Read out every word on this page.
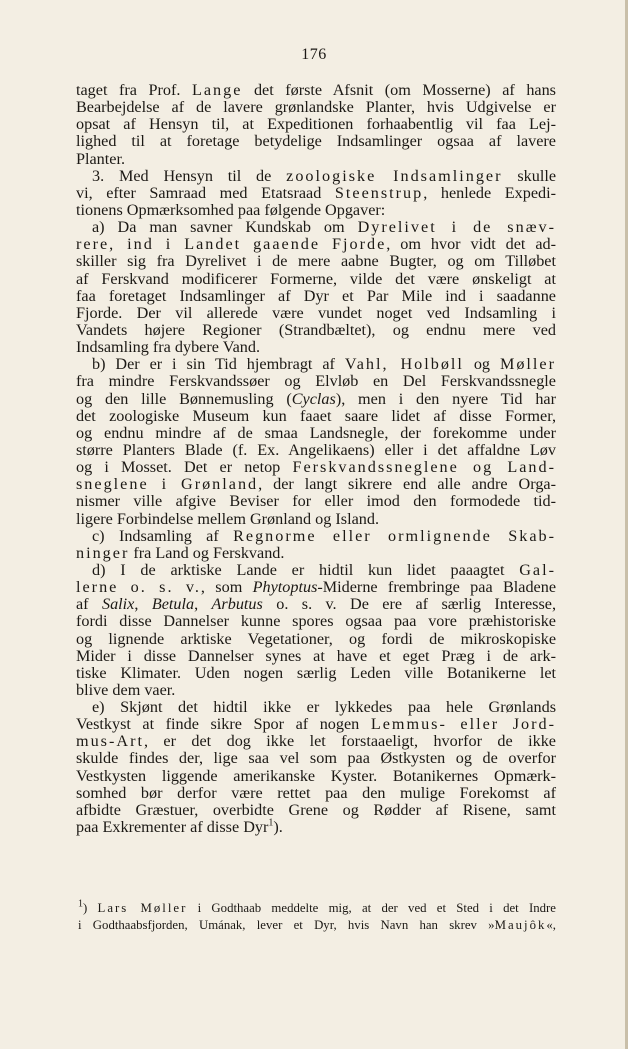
176
taget fra Prof. Lange det første Afsnit (om Mosserne) af hans
Bearbejdelse af de lavere grønlandske Planter, hvis Udgivelse er
opsat af Hensyn til, at Expeditionen forhaabentlig vil faa Lej-
lighed til at foretage betydelige Indsamlinger ogsaa af lavere
Planter.
3. Med Hensyn til de zoologiske Indsamlinger skulle
vi, efter Samraad med Etatsraad Steenstrup, henlede Expedi-
tionens Opmærksomhed paa følgende Opgaver:
a) Da man savner Kundskab om Dyrelivet i de snæv-
rere, ind i Landet gaaende Fjorde, om hvor vidt det ad-
skiller sig fra Dyrelivet i de mere aabne Bugter, og om Tilløbet
af Ferskvand modificerer Formerne, vilde det være ønskeligt at
faa foretaget Indsamlinger af Dyr et Par Mile ind i saadanne
Fjorde. Der vil allerede være vundet noget ved Indsamling i
Vandets højere Regioner (Strandbæltet), og endnu mere ved
Indsamling fra dybere Vand.
b) Der er i sin Tid hjembragt af Vahl, Holbøll og Møller
fra mindre Ferskvandssøer og Elvløb en Del Ferskvandssnegle
og den lille Bønnemusling (Cyclas), men i den nyere Tid har
det zoologiske Museum kun faaet saare lidet af disse Former,
og endnu mindre af de smaa Landsnegle, der forekomme under
større Planters Blade (f. Ex. Angelikaens) eller i det affaldne Løv
og i Mosset. Det er netop Ferskvandssneglene og Land-
sneglene i Grønland, der langt sikrere end alle andre Orga-
nismer ville afgive Beviser for eller imod den formodede tid-
ligere Forbindelse mellem Grønland og Island.
c) Indsamling af Regnorme eller ormlignende Skab-
ninger fra Land og Ferskvand.
d) I de arktiske Lande er hidtil kun lidet paaagtet Gal-
lerne o. s. v., som Phytoptus-Miderne frembringe paa Bladene
af Salix, Betula, Arbutus o. s. v. De ere af særlig Interesse,
fordi disse Dannelser kunne spores ogsaa paa vore præhistoriske
og lignende arktiske Vegetationer, og fordi de mikroskopiske
Mider i disse Dannelser synes at have et eget Præg i de ark-
tiske Klimater. Uden nogen særlig Leden ville Botanikerne let
blive dem vaer.
e) Skjønt det hidtil ikke er lykkedes paa hele Grønlands
Vestkyst at finde sikre Spor af nogen Lemmus- eller Jord-
mus-Art, er det dog ikke let forstaaeligt, hvorfor de ikke
skulde findes der, lige saa vel som paa Østkysten og de overfor
Vestkysten liggende amerikanske Kyster. Botanikernes Opmærk-
somhed bør derfor være rettet paa den mulige Forekomst af
afbidte Græstuer, overbidte Grene og Rødder af Risene, samt
paa Exkrementer af disse Dyr$^1$).
$^1$) Lars Møller i Godthaab meddelte mig, at der ved et Sted i det Indre
i Godthaabsfjorden, Umának, lever et Dyr, hvis Navn han skrev »Maujôk«,
